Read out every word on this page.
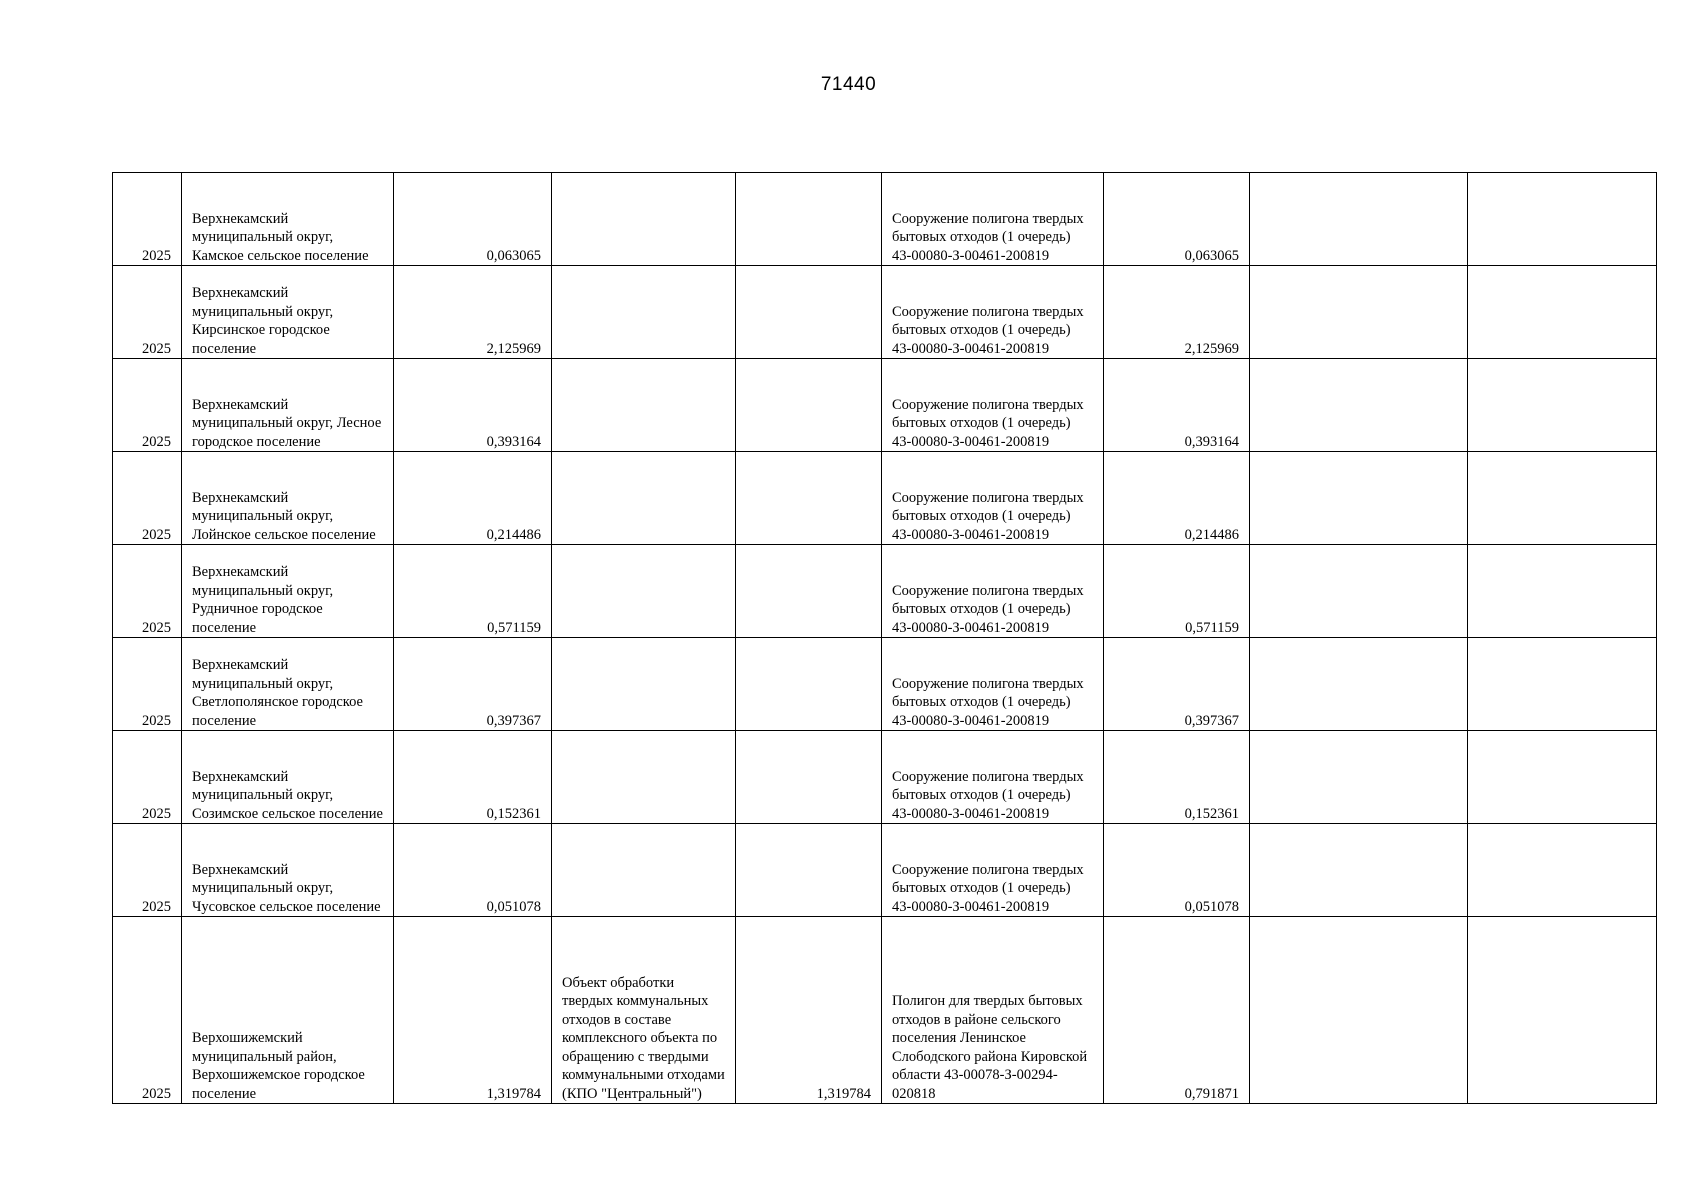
71440
2025	Верхнекамский муниципальный округ, Камское сельское поселение	0,063065			Сооружение полигона твердых бытовых отходов (1 очередь) 43-00080-З-00461-200819	0,063065		
2025	Верхнекамский муниципальный округ, Кирсинское городское поселение	2,125969			Сооружение полигона твердых бытовых отходов (1 очередь) 43-00080-З-00461-200819	2,125969		
2025	Верхнекамский муниципальный округ, Лесное городское поселение	0,393164			Сооружение полигона твердых бытовых отходов (1 очередь) 43-00080-З-00461-200819	0,393164		
2025	Верхнекамский муниципальный округ, Лойнское сельское поселение	0,214486			Сооружение полигона твердых бытовых отходов (1 очередь) 43-00080-З-00461-200819	0,214486		
2025	Верхнекамский муниципальный округ, Рудничное городское поселение	0,571159			Сооружение полигона твердых бытовых отходов (1 очередь) 43-00080-З-00461-200819	0,571159		
2025	Верхнекамский муниципальный округ, Светлополянское городское поселение	0,397367			Сооружение полигона твердых бытовых отходов (1 очередь) 43-00080-З-00461-200819	0,397367		
2025	Верхнекамский муниципальный округ, Созимское сельское поселение	0,152361			Сооружение полигона твердых бытовых отходов (1 очередь) 43-00080-З-00461-200819	0,152361		
2025	Верхнекамский муниципальный округ, Чусовское сельское поселение	0,051078			Сооружение полигона твердых бытовых отходов (1 очередь) 43-00080-З-00461-200819	0,051078		
2025	Верхошижемский муниципальный район, Верхошижемское городское поселение	1,319784	Объект обработки твердых коммунальных отходов в составе комплексного объекта по обращению с твердыми коммунальными отходами (КПО "Центральный")	1,319784	Полигон для твердых бытовых отходов в районе сельского поселения Ленинское Слободского района Кировской области 43-00078-З-00294-020818	0,791871		
